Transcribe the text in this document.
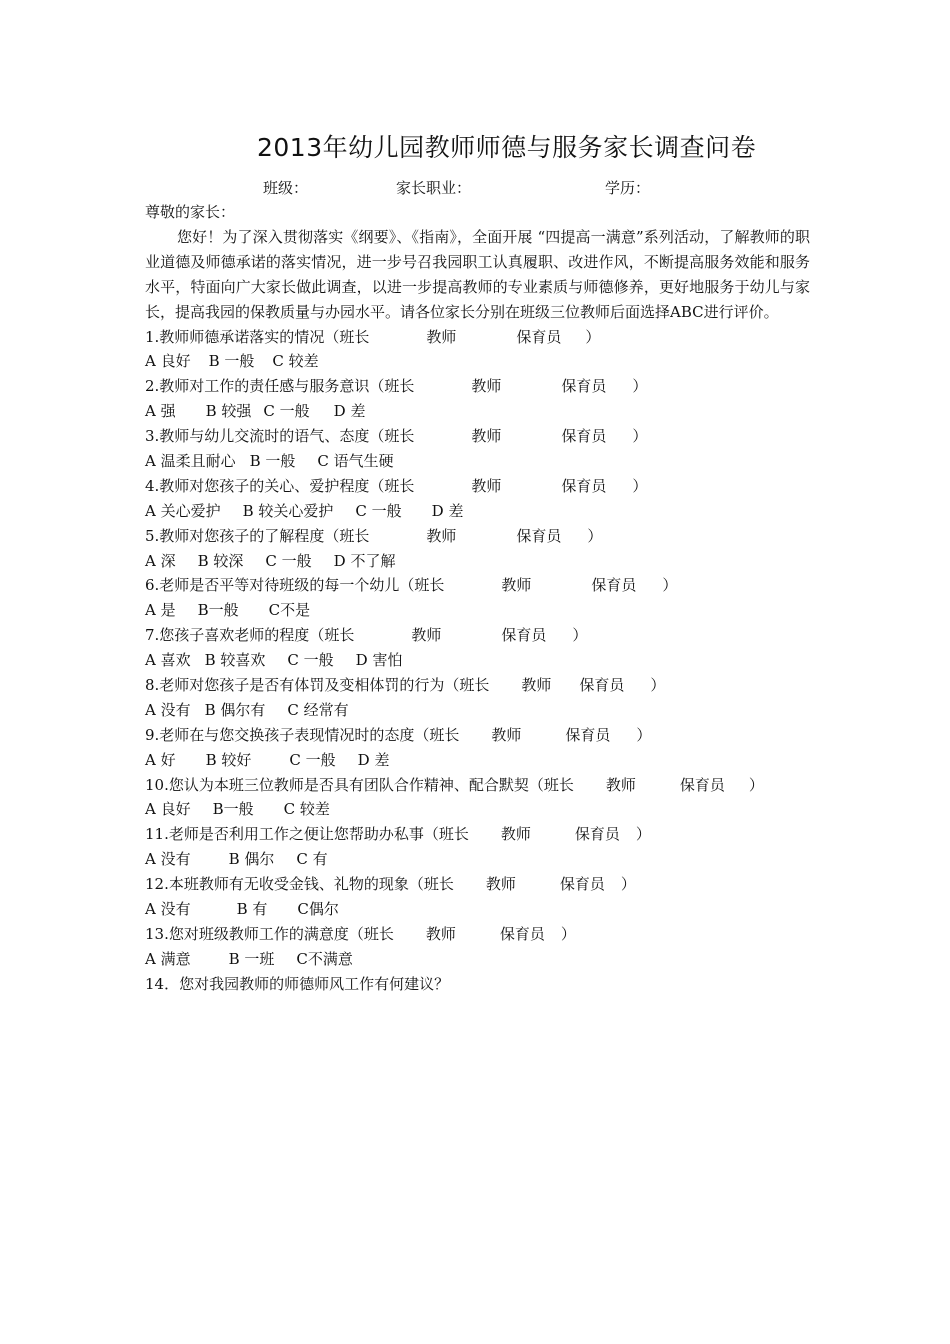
2013年幼儿园教师师德与服务家长调查问卷
班级：	家长职业：	学历：
尊敬的家长：
您好！为了深入贯彻落实《纲要》、《指南》，全面开展 “四提高一满意”系列活动，了解教师的职业道德及师德承诺的落实情况，进一步号召我园职工认真履职、改进作风，不断提高服务效能和服务水平，特面向广大家长做此调查，以进一步提高教师的专业素质与师德修养，更好地服务于幼儿与家长，提高我园的保教质量与办园水平。请各位家长分别在班级三位教师后面选择ABC进行评价。
1.教师师德承诺落实的情况（班长	教师	保育员 ）
A 良好 B 一般 C 较差
2.教师对工作的责任感与服务意识（班长	教师	保育员 ）
A 强 B 较强 C 一般 D 差
3.教师与幼儿交流时的语气、态度（班长	教师	保育员 ）
A 温柔且耐心 B 一般 C 语气生硬
4.教师对您孩子的关心、爱护程度（班长	教师	保育员 ）
A 关心爱护 B 较关心爱护 C 一般 D 差
5.教师对您孩子的了解程度（班长	教师	保育员 ）
A 深 B 较深 C 一般 D 不了解
6.老师是否平等对待班级的每一个幼儿（班长	教师	保育员 ）
A 是 B一般 C不是
7.您孩子喜欢老师的程度（班长	教师	保育员 ）
A 喜欢 B 较喜欢 C 一般 D 害怕
8.老师对您孩子是否有体罚及变相体罚的行为（班长 教师 保育员 ）
A 没有 B 偶尔有 C 经常有
9.老师在与您交换孩子表现情况时的态度（班长 教师	保育员 ）
A 好 B 较好	C 一般 D 差
10.您认为本班三位教师是否具有团队合作精神、配合默契（班长 教师	保育员 ）
A 良好 B一般 C 较差
11.老师是否利用工作之便让您帮助办私事（班长 教师	保育员 ）
A 没有	B 偶尔 C 有
12.本班教师有无收受金钱、礼物的现象（班长 教师	保育员 ）
A 没有	B 有 C偶尔
13.您对班级教师工作的满意度（班长 教师	保育员 ）
A 满意	B 一班 C不满意
14．您对我园教师的师德师风工作有何建议？
